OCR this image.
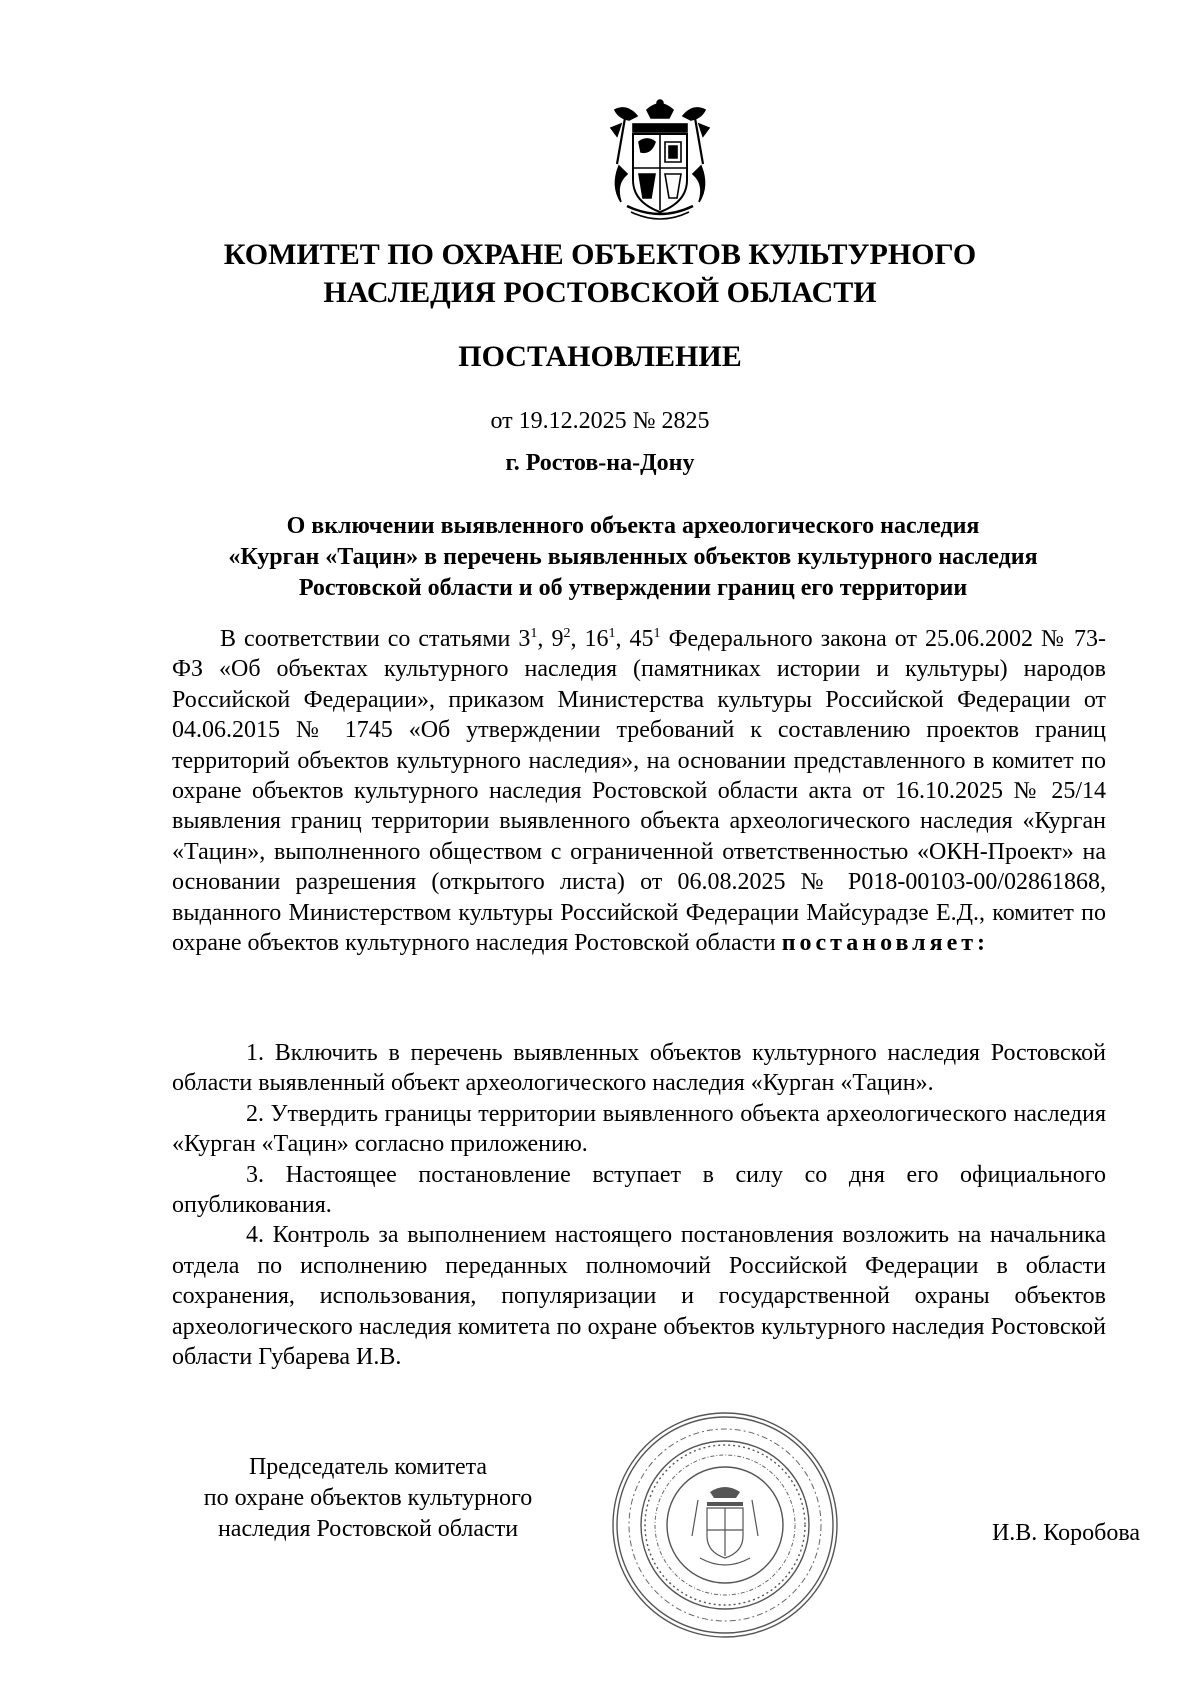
КОМИТЕТ ПО ОХРАНЕ ОБЪЕКТОВ КУЛЬТУРНОГО
НАСЛЕДИЯ РОСТОВСКОЙ ОБЛАСТИ
ПОСТАНОВЛЕНИЕ
от 19.12.2025 № 2825
г. Ростов-на-Дону
О включении выявленного объекта археологического наследия
«Курган «Тацин» в перечень выявленных объектов культурного наследия
Ростовской области и об утверждении границ его территории

В соответствии со статьями $3^1$, $9^2$, $16^1$, $45^1$ Федерального закона от 25.06.2002 № 73-ФЗ «Об объектах культурного наследия (памятниках истории и культуры) народов Российской Федерации», приказом Министерства культуры Российской Федерации от 04.06.2015 № 1745 «Об утверждении требований к составлению проектов границ территорий объектов культурного наследия», на основании представленного в комитет по охране объектов культурного наследия Ростовской области акта от 16.10.2025 № 25/14 выявления границ территории выявленного объекта археологического наследия «Курган «Тацин», выполненного обществом с ограниченной ответственностью «ОКН-Проект» на основании разрешения (открытого листа) от 06.08.2025 № Р018-00103-00/02861868, выданного Министерством культуры Российской Федерации Майсурадзе Е.Д., комитет по охране объектов культурного наследия Ростовской области постановляет:

1. Включить в перечень выявленных объектов культурного наследия Ростовской области выявленный объект археологического наследия «Курган «Тацин».

2. Утвердить границы территории выявленного объекта археологического наследия «Курган «Тацин» согласно приложению.

3. Настоящее постановление вступает в силу со дня его официального опубликования.

4. Контроль за выполнением настоящего постановления возложить на начальника отдела по исполнению переданных полномочий Российской Федерации в области сохранения, использования, популяризации и государственной охраны объектов археологического наследия комитета по охране объектов культурного наследия Ростовской области Губарева И.В.

Председатель комитета
по охране объектов культурного
наследия Ростовской области	И.В. Коробова
